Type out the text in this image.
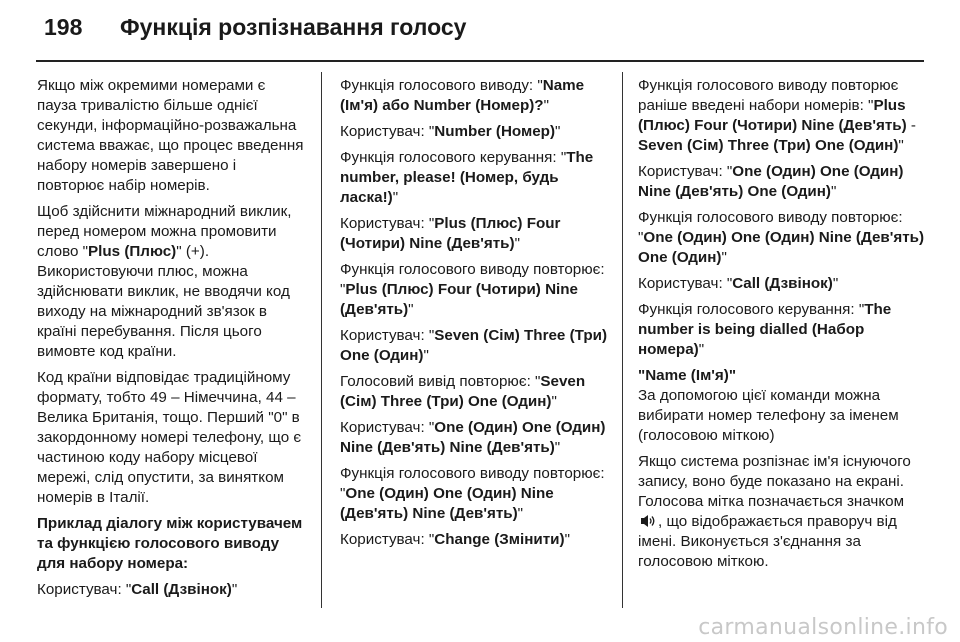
198	Функція розпізнавання голосу

Якщо між окремими номерами є пауза тривалістю більше однієї секунди, інформаційно-розважальна система вважає, що процес введення набору номерів завершено і повторює набір номерів.

Щоб здійснити міжнародний виклик, перед номером можна промовити слово "Plus (Плюс)" (+). Використовуючи плюс, можна здійснювати виклик, не вводячи код виходу на міжнародний зв'язок в країні перебування. Після цього вимовте код країни.

Код країни відповідає традиційному формату, тобто 49 – Німеччина, 44 – Велика Британія, тощо. Перший "0" в закордонному номері телефону, що є частиною коду набору місцевої мережі, слід опустити, за винятком номерів в Італії.

Приклад діалогу між користувачем та функцією голосового виводу для набору номера:

Користувач: "Call (Дзвінок)"

Функція голосового виводу: "Name (Ім'я) або Number (Номер)?"

Користувач: "Number (Номер)"

Функція голосового керування: "The number, please! (Номер, будь ласка!)"

Користувач: "Plus (Плюс) Four (Чотири) Nine (Дев'ять)"

Функція голосового виводу повторює: "Plus (Плюс) Four (Чотири) Nine (Дев'ять)"

Користувач: "Seven (Сім) Three (Три) One (Один)"

Голосовий вивід повторює: "Seven (Сім) Three (Три) One (Один)"

Користувач: "One (Один) One (Один) Nine (Дев'ять) Nine (Дев'ять)"

Функція голосового виводу повторює: "One (Один) One (Один) Nine (Дев'ять) Nine (Дев'ять)"

Користувач: "Change (Змінити)"

Функція голосового виводу повторює раніше введені набори номерів: "Plus (Плюс) Four (Чотири) Nine (Дев'ять) - Seven (Сім) Three (Три) One (Один)"

Користувач: "One (Один) One (Один) Nine (Дев'ять) One (Один)"

Функція голосового виводу повторює: "One (Один) One (Один) Nine (Дев'ять) One (Один)"

Користувач: "Call (Дзвінок)"

Функція голосового керування: "The number is being dialled (Набор номера)"

"Name (Ім'я)"

За допомогою цієї команди можна вибирати номер телефону за іменем (голосовою міткою)

Якщо система розпізнає ім'я існуючого запису, воно буде показано на екрані. Голосова мітка позначається значком , що відображається праворуч від імені. Виконується з'єднання за голосовою міткою.

carmanualsonline.info
